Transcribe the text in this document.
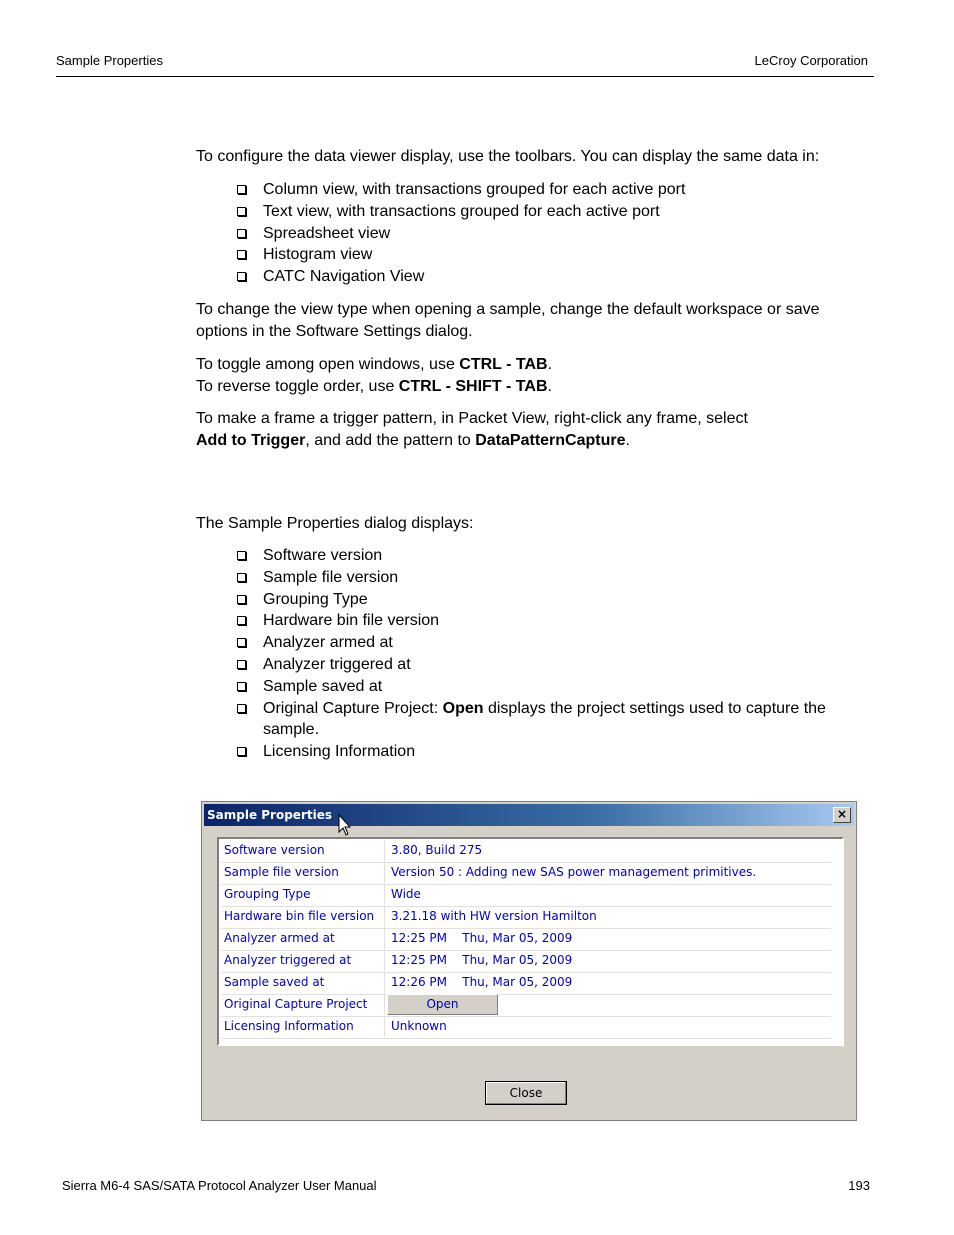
Sample Properties	LeCroy Corporation
To configure the data viewer display, use the toolbars. You can display the same data in:
Column view, with transactions grouped for each active port
Text view, with transactions grouped for each active port
Spreadsheet view
Histogram view
CATC Navigation View
To change the view type when opening a sample, change the default workspace or save options in the Software Settings dialog.
To toggle among open windows, use CTRL - TAB.
To reverse toggle order, use CTRL - SHIFT - TAB.
To make a frame a trigger pattern, in Packet View, right-click any frame, select
Add to Trigger, and add the pattern to DataPatternCapture.
The Sample Properties dialog displays:
Software version
Sample file version
Grouping Type
Hardware bin file version
Analyzer armed at
Analyzer triggered at
Sample saved at
Original Capture Project: Open displays the project settings used to capture the sample.
Licensing Information
Sample Properties	×
Software version	3.80, Build 275
Sample file version	Version 50 : Adding new SAS power management primitives.
Grouping Type	Wide
Hardware bin file version	3.21.18 with HW version Hamilton
Analyzer armed at	12:25 PM    Thu, Mar 05, 2009
Analyzer triggered at	12:25 PM    Thu, Mar 05, 2009
Sample saved at	12:26 PM    Thu, Mar 05, 2009
Original Capture Project	Open
Licensing Information	Unknown
Close
Sierra M6-4 SAS/SATA Protocol Analyzer User Manual	193
